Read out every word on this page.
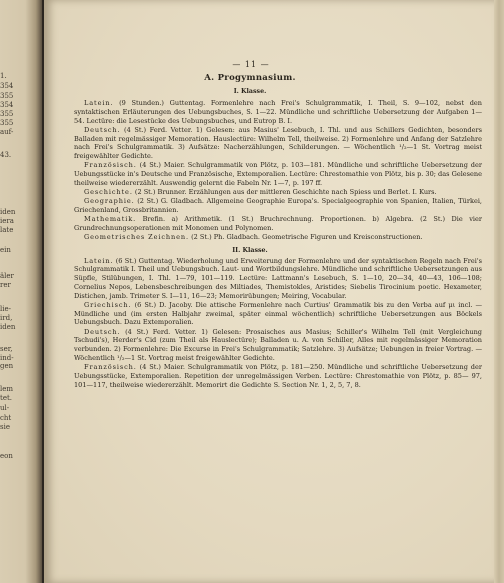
1.
354
355
354
355
355
auf-
43.
iden
iera
late
ein
äler
rer
lie-
ird,
iden
ser,
ind-
gen
lem
tet.
ul-
cht
sie
eon
— 11 —
A. Progymnasium.
I. Klasse.
Latein. (9 Stunden.) Guttentag. Formenlehre nach Frei's Schulgrammatik, I. Theil, S. 9—102, nebst den syntaktischen Erläuterungen des Uebungsbuches, S. 1—22. Mündliche und schriftliche Uebersetzung der Aufgaben 1—54. Lectüre: die Lesestücke des Uebungsbuches, und Eutrop B. I.
Deutsch. (4 St.) Ferd. Vetter. 1) Gelesen: aus Masius' Lesebuch, I. Thl. und aus Schillers Gedichten, besonders Balladen mit regelmässiger Memoration. Hauslectüre: Wilhelm Tell, theilweise. 2) Formenlehre und Anfang der Satzlehre nach Frei's Schulgrammatik. 3) Aufsätze: Nacherzählungen, Schilderungen. — Wöchentlich ¹/₂—1 St. Vortrag meist freigewählter Gedichte.
Französisch. (4 St.) Maier. Schulgrammatik von Plötz, p. 103—181. Mündliche und schriftliche Uebersetzung der Uebungsstücke in's Deutsche und Französische, Extemporalien. Lectüre: Chrestomathie von Plötz, bis p. 30; das Gelesene theilweise wiedererzählt. Auswendig gelernt die Fabeln Nr. 1—7, p. 197 ff.
Geschichte. (2 St.) Brunner. Erzählungen aus der mittleren Geschichte nach Spiess und Berlet. I. Kurs.
Geographie. (2 St.) G. Gladbach. Allgemeine Geographie Europa's. Specialgeographie von Spanien, Italien, Türkei, Griechenland, Grossbritannien.
Mathematik. Brefin. a) Arithmetik. (1 St.) Bruchrechnung. Proportionen. b) Algebra. (2 St.) Die vier Grundrechnungsoperationen mit Monomen und Polynomen.
Geometrisches Zeichnen. (2 St.) Ph. Gladbach. Geometrische Figuren und Kreisconstructionen.
II. Klasse.
Latein. (6 St.) Guttentag. Wiederholung und Erweiterung der Formenlehre und der syntaktischen Regeln nach Frei's Schulgrammatik I. Theil und Uebungsbuch. Laut- und Wortbildungslehre. Mündliche und schriftliche Uebersetzungen aus Süpfle, Stilübungen, I. Thl. 1—79, 101—119. Lectüre: Lattmann's Lesebuch, S. 1—10, 20—34, 40—43, 106—108; Cornelius Nepos, Lebensbeschreibungen des Miltiades, Themistokles, Aristides; Siebelis Tirocinium poetic. Hexameter, Distichen, jamb. Trimeter S. I—11, 16—23; Memorirübungen; Meiring, Vocabular.
Griechisch. (6 St.) D. Jacoby. Die attische Formenlehre nach Curtius' Grammatik bis zu den Verba auf μι incl. — Mündliche und (im ersten Halbjahr zweimal, später einmal wöchentlich) schriftliche Uebersetzungen aus Böckels Uebungsbuch. Dazu Extemporalien.
Deutsch. (4 St.) Ferd. Vetter. 1) Gelesen: Prosaisches aus Masius; Schiller's Wilhelm Tell (mit Vergleichung Tschudi's), Herder's Cid (zum Theil als Hauslectüre); Balladen u. A. von Schiller, Alles mit regelmässiger Memoration verbunden. 2) Formenlehre: Die Excurse in Frei's Schulgrammatik; Satzlehre. 3) Aufsätze; Uebungen in freier Vortrag. — Wöchentlich ¹/₂—1 St. Vortrag meist freigewählter Gedichte.
Französisch. (4 St.) Maier. Schulgrammatik von Plötz, p. 181—250. Mündliche und schriftliche Uebersetzung der Uebungsstücke, Extemporalien. Repetition der unregelmässigen Verben. Lectüre: Chrestomathie von Plötz, p. 85— 97, 101—117, theilweise wiedererzählt. Memorirt die Gedichte S. Section Nr. 1, 2, 5, 7, 8.
